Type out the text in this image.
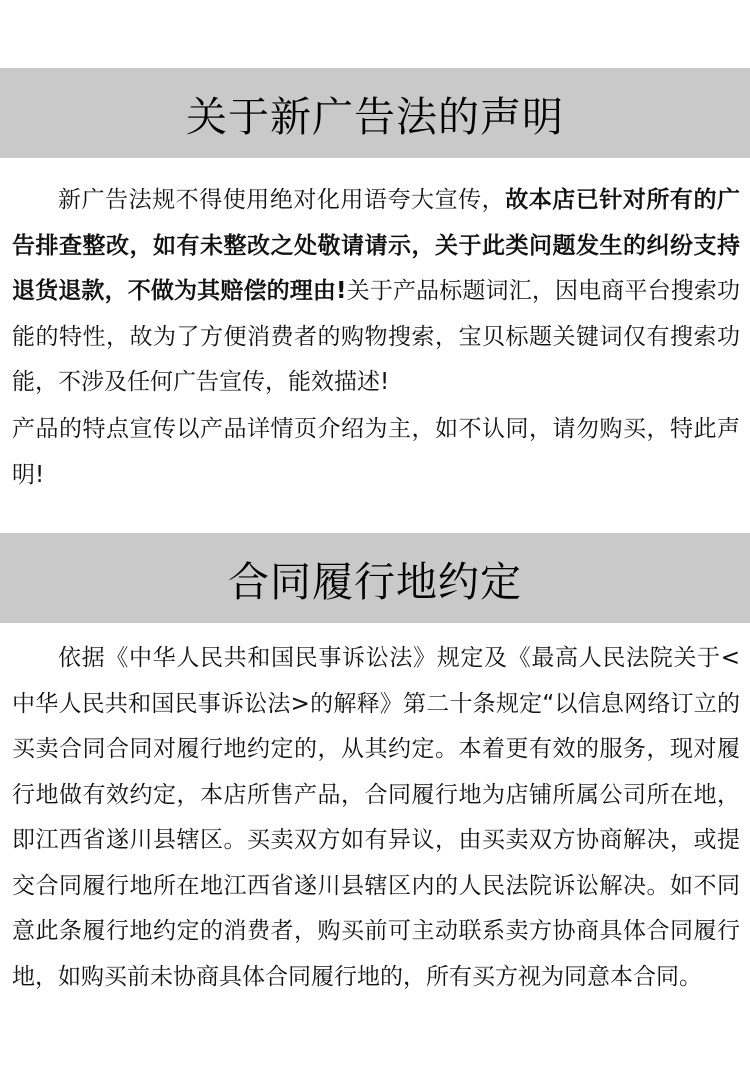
关于新广告法的声明
新广告法规不得使用绝对化用语夸大宣传，故本店已针对所有的广告排查整改，如有未整改之处敬请请示，关于此类问题发生的纠纷支持退货退款，不做为其赔偿的理由!关于产品标题词汇，因电商平台搜索功能的特性，故为了方便消费者的购物搜索，宝贝标题关键词仅有搜索功能，不涉及任何广告宣传，能效描述!
产品的特点宣传以产品详情页介绍为主，如不认同，请勿购买，特此声明!
合同履行地约定
依据《中华人民共和国民事诉讼法》规定及《最高人民法院关于<中华人民共和国民事诉讼法>的解释》第二十条规定“以信息网络订立的买卖合同合同对履行地约定的，从其约定。本着更有效的服务，现对履行地做有效约定，本店所售产品，合同履行地为店铺所属公司所在地，即江西省遂川县辖区。买卖双方如有异议，由买卖双方协商解决，或提交合同履行地所在地江西省遂川县辖区内的人民法院诉讼解决。如不同意此条履行地约定的消费者，购买前可主动联系卖方协商具体合同履行地，如购买前未协商具体合同履行地的，所有买方视为同意本合同。
